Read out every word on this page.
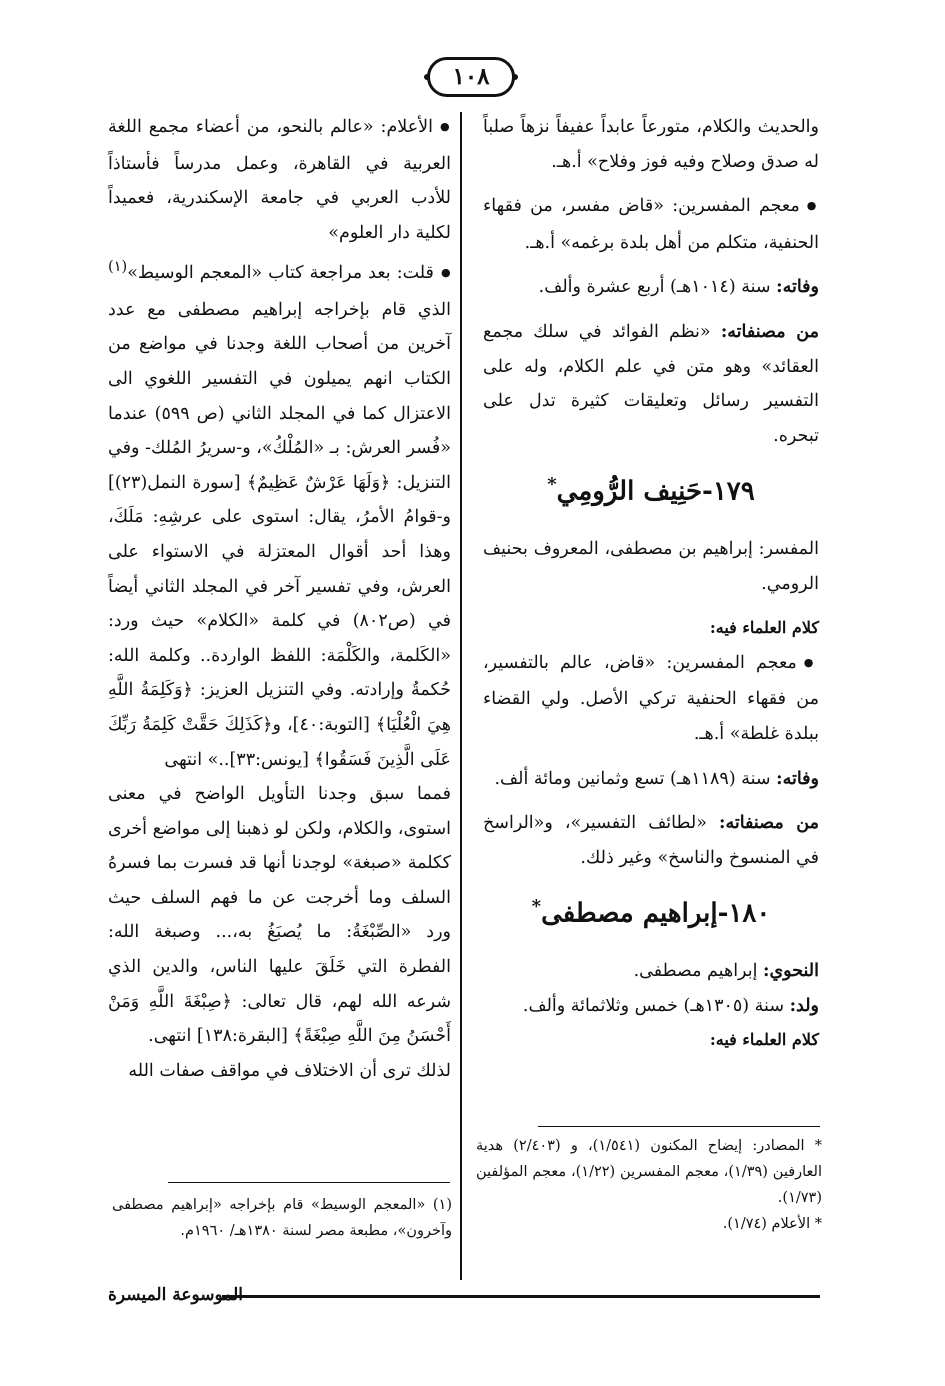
١٠٨

والحديث والكلام، متورعاً عابداً عفيفاً نزهاً صلباً له صدق وصلاح وفيه فوز وفلاح» أ.هـ.

● معجم المفسرين: «قاض مفسر، من فقهاء الحنفية، متكلم من أهل بلدة برغمه» أ.هـ.

وفاته: سنة (١٠١٤هـ) أربع عشرة وألف.

من مصنفاته: «نظم الفوائد في سلك مجمع العقائد» وهو متن في علم الكلام، وله على التفسير رسائل وتعليقات كثيرة تدل على تبحره.

١٧٩-حَنِيف الرُّومِي*

المفسر: إبراهيم بن مصطفى، المعروف بحنيف الرومي.

كلام العلماء فيه:

● معجم المفسرين: «قاض، عالم بالتفسير، من فقهاء الحنفية تركي الأصل. ولي القضاء ببلدة غلطة» أ.هـ.

وفاته: سنة (١١٨٩هـ) تسع وثمانين ومائة ألف.

من مصنفاته: «لطائف التفسير»، و«الراسخ في المنسوخ والناسخ» وغير ذلك.

١٨٠-إبراهيم مصطفى*

النحوي: إبراهيم مصطفى.

ولد: سنة (١٣٠٥هـ) خمس وثلاثمائة وألف.

كلام العلماء فيه:

● الأعلام: «عالم بالنحو، من أعضاء مجمع اللغة العربية في القاهرة، وعمل مدرساً فأستاذاً للأدب العربي في جامعة الإسكندرية، فعميداً لكلية دار العلوم»

● قلت: بعد مراجعة كتاب «المعجم الوسيط»$^{(١)}$ الذي قام بإخراجه إبراهيم مصطفى مع عدد آخرين من أصحاب اللغة وجدنا في مواضع من الكتاب انهم يميلون في التفسير اللغوي الى الاعتزال كما في المجلد الثاني (ص ٥٩٩) عندما «فُسر العرش: بـ «المُلْكُ»، و-سريرُ المُلك- وفي التنزيل: ﴿وَلَهَا عَرْشٌ عَظِيمٌ﴾ [سورة النمل(٢٣)] و-قوامُ الأمرُ، يقال: استوى على عرشِهِ: مَلَكَ، وهذا أحد أقوال المعتزلة في الاستواء على العرش، وفي تفسير آخر في المجلد الثاني أيضاً في (ص٨٠٢) في كلمة «الكلام» حيث ورد: «الكَلمة، والكَلْمَة: اللفظ الواردة.. وكلمة الله: حُكمةُ وإرادته. وفي التنزيل العزيز: ﴿وَكَلِمَةُ اللَّهِ هِيَ الْعُلْيَا﴾ [التوبة:٤٠]، و﴿كَذَلِكَ حَقَّتْ كَلِمَةُ رَبِّكَ عَلَى الَّذِينَ فَسَقُوا﴾ [يونس:٣٣]..» انتهى

فمما سبق وجدنا التأويل الواضح في معنى استوى، والكلام، ولكن لو ذهبنا إلى مواضع أخرى ككلمة «صبغة» لوجدنا أنها قد فسرت بما فسرهُ السلف وما أخرجت عن ما فهم السلف حيث ورد «الصِّبْغَةُ: ما يُصبَغُ به،... وصبغة الله: الفطرة التي خَلَقَ عليها الناس، والدين الذي شرعه الله لهم، قال تعالى: ﴿صِبْغَةَ اللَّهِ وَمَنْ أَحْسَنُ مِنَ اللَّهِ صِبْغَةً﴾ [البقرة:١٣٨] انتهى.

لذلك ترى أن الاختلاف في مواقف صفات الله

* المصادر: إيضاح المكنون (١/٥٤١)، و (٢/٤٠٣) هدية العارفين (١/٣٩)، معجم المفسرين (١/٢٢)، معجم المؤلفين (١/٧٣).

* الأعلام (١/٧٤).

(١) «المعجم الوسيط» قام بإخراجه «إبراهيم مصطفى وآخرون»، مطبعة مصر لسنة ١٣٨٠هـ/ ١٩٦٠م.

الموسوعة الميسرة
